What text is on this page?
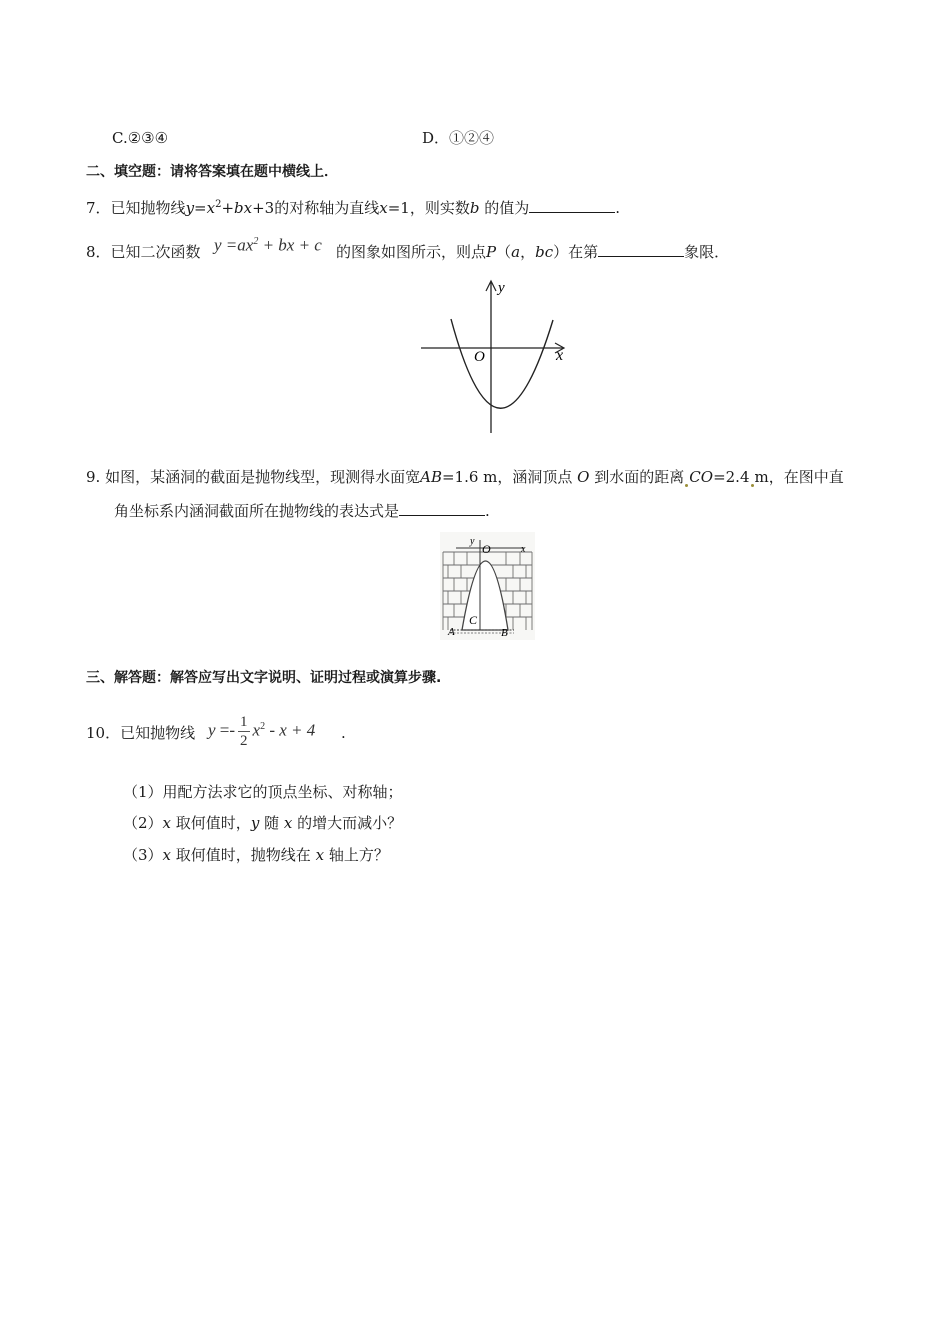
C.②③④	D．①②④
二、填空题：请将答案填在题中横线上．
7．已知抛物线$y=x^2+bx+3$的对称轴为直线x=1，则实数b 的值为	.
8．已知二次函数 $y =ax^2$ + bx + c 的图象如图所示，则点P（a，bc）在第	象限．
y
x
O
9. 如图，某涵洞的截面是抛物线型，现测得水面宽AB=1.6 m，涵洞顶点 O 到水面的距离 CO=2.4 m，在图中直
角坐标系内涵洞截面所在抛物线的表达式是	.
y
O	x
C
A	B
三、解答题：解答应写出文字说明、证明过程或演算步骤.
10．已知抛物线 $y =- \frac{1}{2} x^2 - x + 4$ .
（1）用配方法求它的顶点坐标、对称轴；
（2）x 取何值时，y 随 x 的增大而减小？
（3）x 取何值时，抛物线在 x 轴上方？
